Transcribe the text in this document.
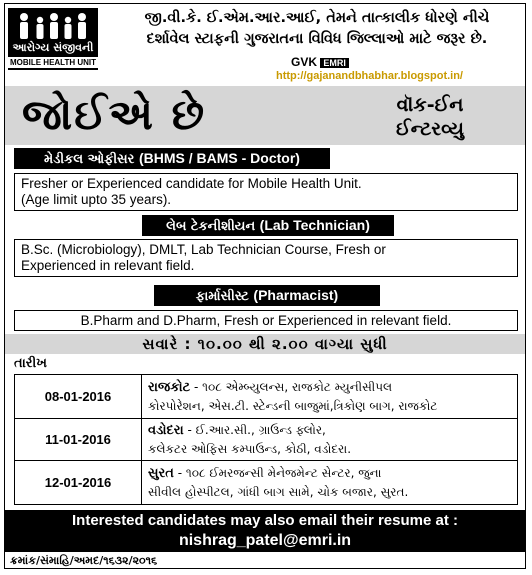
આરોગ્ય સંજીવની
MOBILE HEALTH UNIT
જી.વી.કે. ઈ.એમ.આર.આઈ, તેમને તાત્કાલીક ધોરણે નીચે
દર્શાવેલ સ્ટાફની ગુજરાતના વિવિધ જિલ્લાઓ માટે જરૂર છે.
GVK EMRI
http://gajanandbhabhar.blogspot.in/
જોઈએ છે	વૉક-ઈન
ઈન્ટરવ્યુ
મેડીકલ ઓફીસર (BHMS / BAMS - Doctor)
Fresher or Experienced candidate for Mobile Health Unit.
(Age limit upto 35 years).
લેબ ટેકનીશીયન (Lab Technician)
B.Sc. (Microbiology), DMLT, Lab Technician Course, Fresh or
Experienced in relevant field.
ફાર્માસીસ્ટ (Pharmacist)
B.Pharm and D.Pharm, Fresh or Experienced in relevant field.
સવારે : ૧૦.૦૦ થી ૨.૦૦ વાગ્યા સુધી
તારીખ
08-01-2016	રાજકોટ - ૧૦૮ એમ્બ્યુલન્સ, રાજકોટ મ્યુનીસીપલ
કોરપોરેશન, એસ.ટી. સ્ટેન્ડની બાજુમાં,ત્રિકોણ બાગ, રાજકોટ

11-01-2016	વડોદરા - ઈ.આર.સી., ગ્રાઉન્ડ ફ્લોર,
કલેકટર ઓફિસ કમ્પાઉન્ડ, કોઠી, વડોદરા.

12-01-2016	સુરત - ૧૦૮ ઈમરજન્સી મેનેજમેન્ટ સેન્ટર, જુના
સીવીલ હોસ્પીટલ, ગાંધી બાગ સામે, ચોક બજાર, સુરત.
Interested candidates may also email their resume at :
nishrag_patel@emri.in
ક્રમાંક/સંમાહિ/અમદ/૧૬૩૨/૨૦૧૬
